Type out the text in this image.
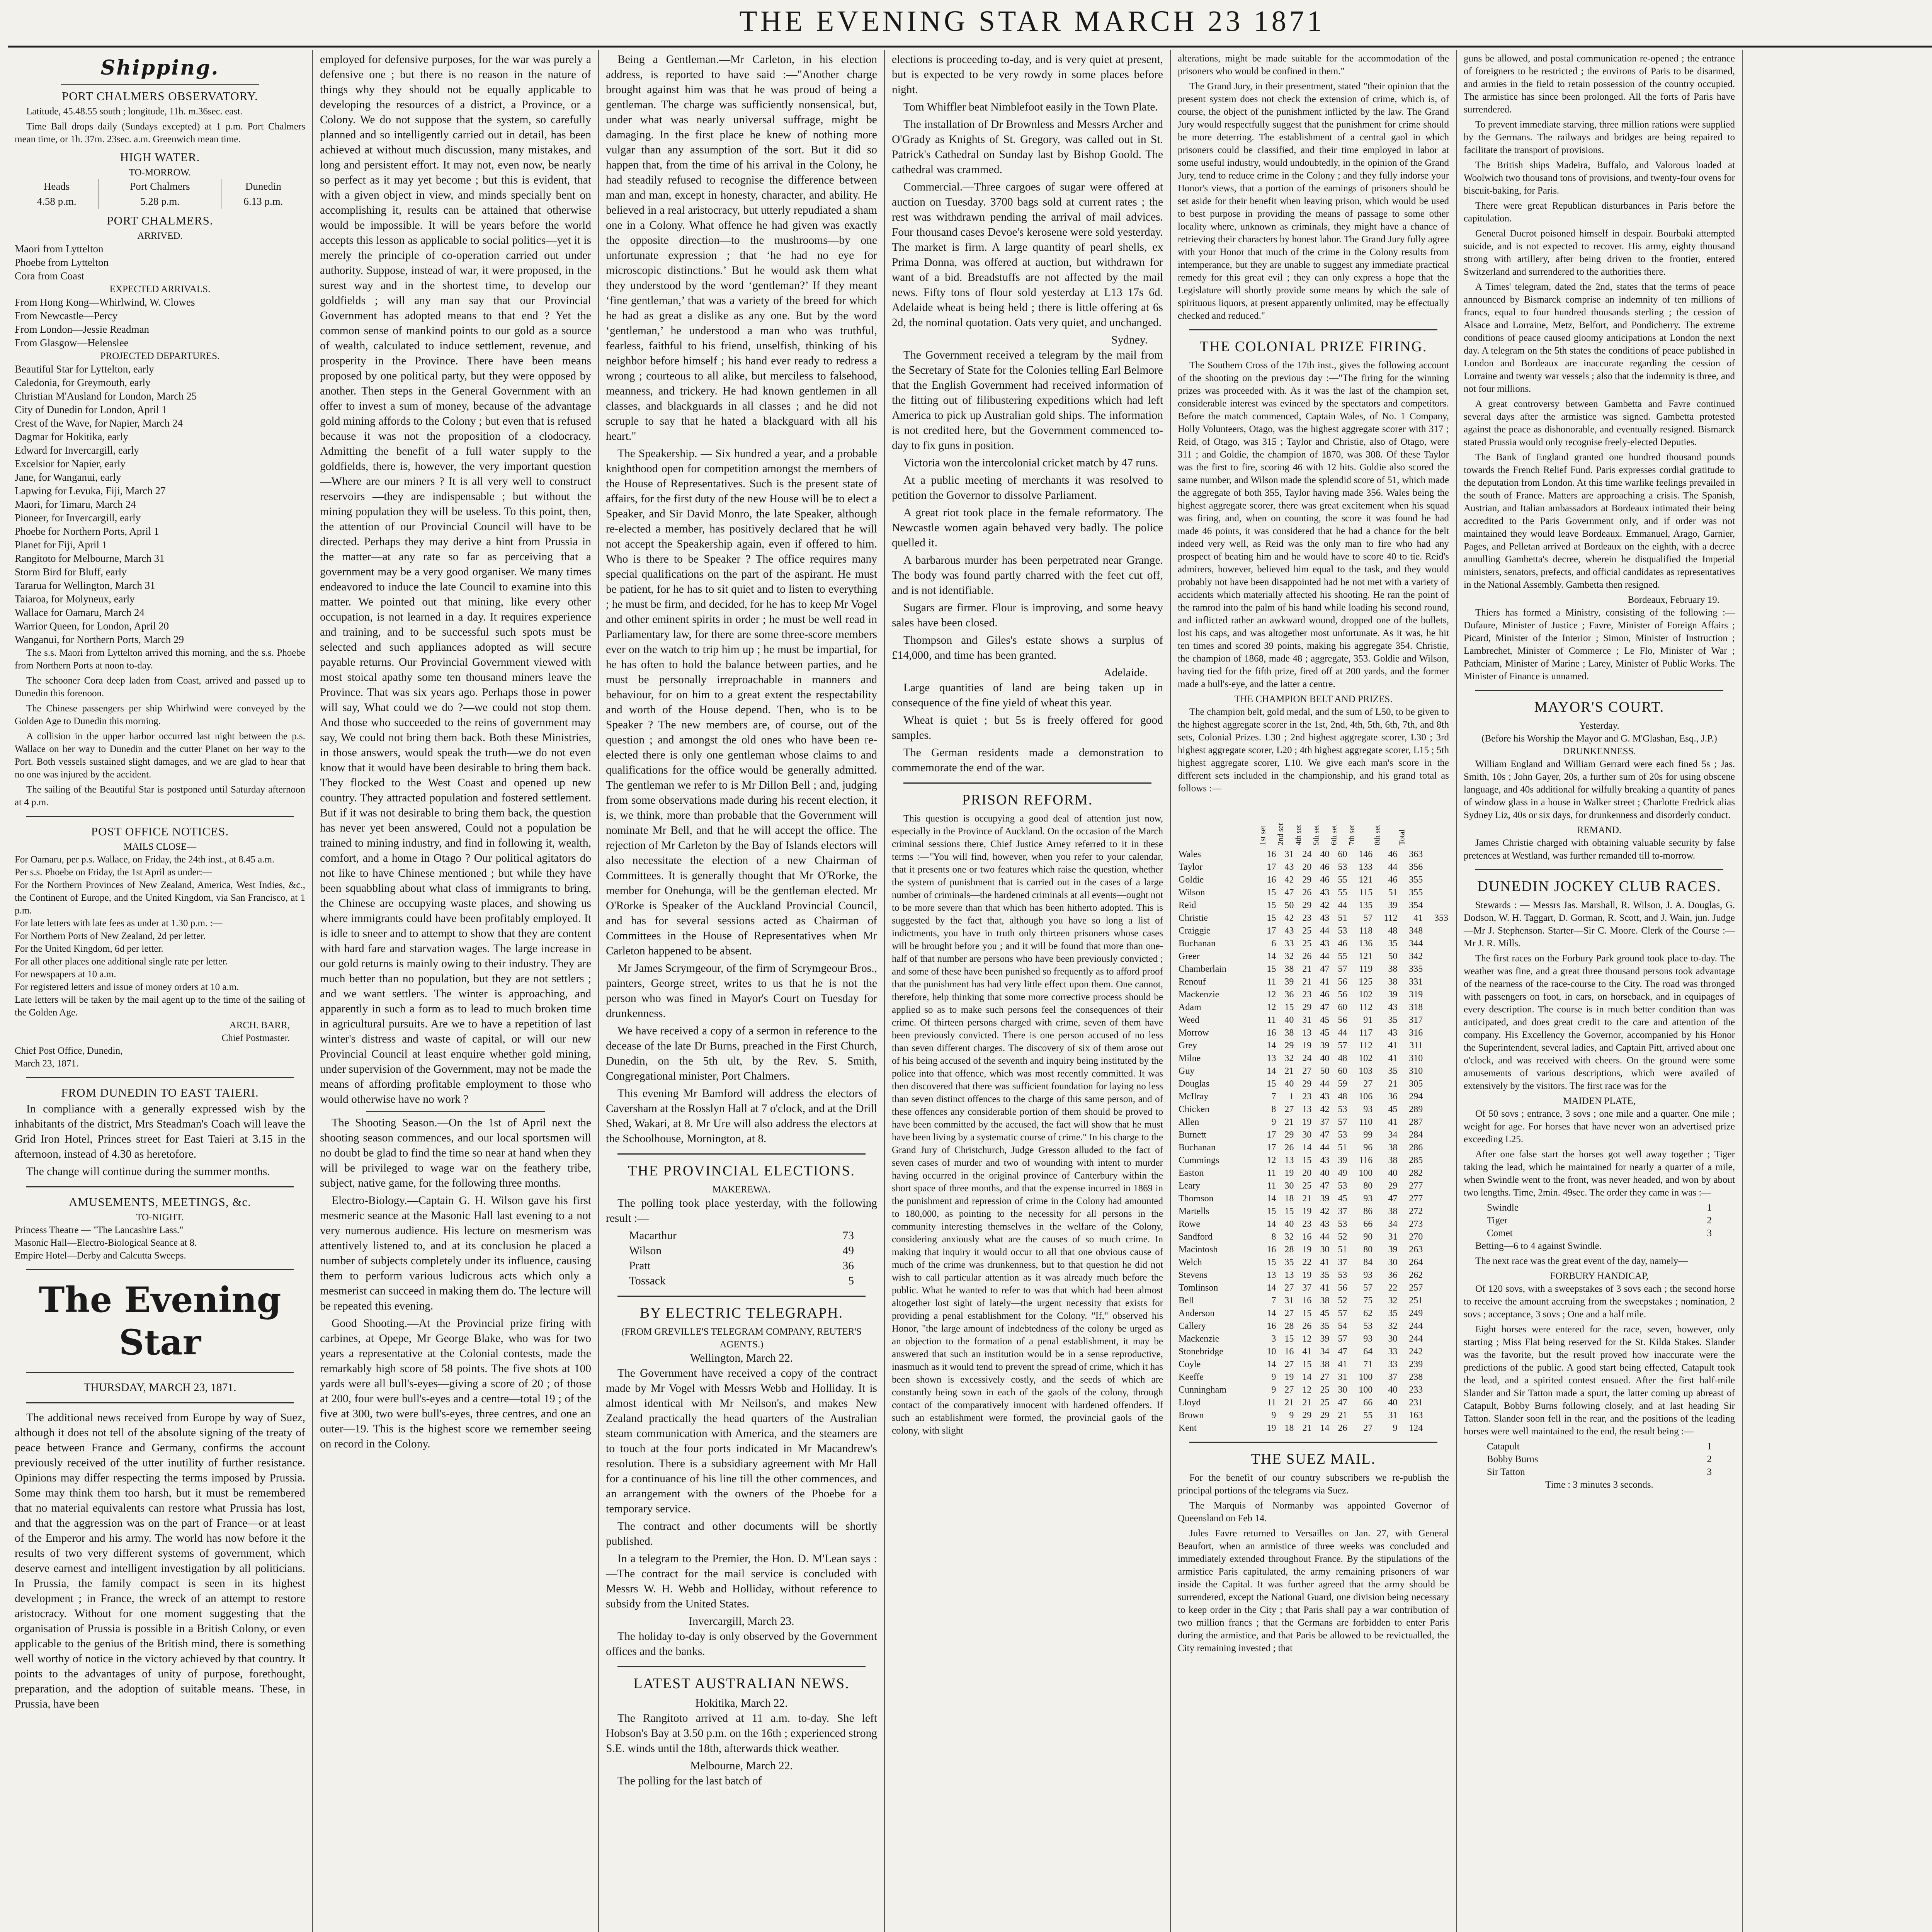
THE EVENING STAR MARCH 23 1871
Shipping.
PORT CHALMERS OBSERVATORY.

Latitude, 45.48.55 south ; longitude, 11h. m.36sec. east.

Time Ball drops daily (Sundays excepted) at 1 p.m. Port Chalmers mean time, or 1h. 37m. 23sec. a.m. Greenwich mean time.

HIGH WATER.
TO-MORROW.
Heads	Port Chalmers	Dunedin
4.58 p.m.	5.28 p.m.	6.13 p.m.
PORT CHALMERS.
ARRIVED.
Maori from Lyttelton
Phoebe from Lyttelton
Cora from Coast
EXPECTED ARRIVALS.
From Hong Kong—Whirlwind, W. Clowes
From Newcastle—Percy
From London—Jessie Readman
From Glasgow—Helenslee
PROJECTED DEPARTURES.
Beautiful Star for Lyttelton, early
Caledonia, for Greymouth, early
Christian M'Ausland for London, March 25
City of Dunedin for London, April 1
Crest of the Wave, for Napier, March 24
Dagmar for Hokitika, early
Edward for Invercargill, early
Excelsior for Napier, early
Jane, for Wanganui, early
Lapwing for Levuka, Fiji, March 27
Maori, for Timaru, March 24
Pioneer, for Invercargill, early
Phoebe for Northern Ports, April 1
Planet for Fiji, April 1
Rangitoto for Melbourne, March 31
Storm Bird for Bluff, early
Tararua for Wellington, March 31
Taiaroa, for Molyneux, early
Wallace for Oamaru, March 24
Warrior Queen, for London, April 20
Wanganui, for Northern Ports, March 29

The s.s. Maori from Lyttelton arrived this morning, and the s.s. Phoebe from Northern Ports at noon to-day.

The schooner Cora deep laden from Coast, arrived and passed up to Dunedin this forenoon.

The Chinese passengers per ship Whirlwind were conveyed by the Golden Age to Dunedin this morning.

A collision in the upper harbor occurred last night between the p.s. Wallace on her way to Dunedin and the cutter Planet on her way to the Port. Both vessels sustained slight damages, and we are glad to hear that no one was injured by the accident.

The sailing of the Beautiful Star is postponed until Saturday afternoon at 4 p.m.

POST OFFICE NOTICES.
MAILS CLOSE—
For Oamaru, per p.s. Wallace, on Friday, the 24th inst., at 8.45 a.m.
Per s.s. Phoebe on Friday, the 1st April as under:—
For the Northern Provinces of New Zealand, America, West Indies, &c., the Continent of Europe, and the United Kingdom, via San Francisco, at 1 p.m.
For late letters with late fees as under at 1.30 p.m. :—
For Northern Ports of New Zealand, 2d per letter.
For the United Kingdom, 6d per letter.
For all other places one additional single rate per letter.
For newspapers at 10 a.m.
For registered letters and issue of money orders at 10 a.m.
Late letters will be taken by the mail agent up to the time of the sailing of the Golden Age.
ARCH. BARR,
Chief Postmaster.
Chief Post Office, Dunedin,
March 23, 1871.
FROM DUNEDIN TO EAST TAIERI.

In compliance with a generally expressed wish by the inhabitants of the district, Mrs Steadman's Coach will leave the Grid Iron Hotel, Princes street for East Taieri at 3.15 in the afternoon, instead of 4.30 as heretofore.

The change will continue during the summer months.

AMUSEMENTS, MEETINGS, &c.
TO-NIGHT.
Princess Theatre — "The Lancashire Lass."
Masonic Hall—Electro-Biological Seance at 8.
Empire Hotel—Derby and Calcutta Sweeps.
The Evening Star
THURSDAY, MARCH 23, 1871.

The additional news received from Europe by way of Suez, although it does not tell of the absolute signing of the treaty of peace between France and Germany, confirms the account previously received of the utter inutility of further resistance. Opinions may differ respecting the terms imposed by Prussia. Some may think them too harsh, but it must be remembered that no material equivalents can restore what Prussia has lost, and that the aggression was on the part of France—or at least of the Emperor and his army. The world has now before it the results of two very different systems of government, which deserve earnest and intelligent investigation by all politicians. In Prussia, the family compact is seen in its highest development ; in France, the wreck of an attempt to restore aristocracy. Without for one moment suggesting that the organisation of Prussia is possible in a British Colony, or even applicable to the genius of the British mind, there is something well worthy of notice in the victory achieved by that country. It points to the advantages of unity of purpose, forethought, preparation, and the adoption of suitable means. These, in Prussia, have been

employed for defensive purposes, for the war was purely a defensive one ; but there is no reason in the nature of things why they should not be equally applicable to developing the resources of a district, a Province, or a Colony. We do not suppose that the system, so carefully planned and so intelligently carried out in detail, has been achieved at without much discussion, many mistakes, and long and persistent effort. It may not, even now, be nearly so perfect as it may yet become ; but this is evident, that with a given object in view, and minds specially bent on accomplishing it, results can be attained that otherwise would be impossible. It will be years before the world accepts this lesson as applicable to social politics—yet it is merely the principle of co-operation carried out under authority. Suppose, instead of war, it were proposed, in the surest way and in the shortest time, to develop our goldfields ; will any man say that our Provincial Government has adopted means to that end ? Yet the common sense of mankind points to our gold as a source of wealth, calculated to induce settlement, revenue, and prosperity in the Province. There have been means proposed by one political party, but they were opposed by another. Then steps in the General Government with an offer to invest a sum of money, because of the advantage gold mining affords to the Colony ; but even that is refused because it was not the proposition of a clodocracy. Admitting the benefit of a full water supply to the goldfields, there is, however, the very important question—Where are our miners ? It is all very well to construct reservoirs —they are indispensable ; but without the mining population they will be useless. To this point, then, the attention of our Provincial Council will have to be directed. Perhaps they may derive a hint from Prussia in the matter—at any rate so far as perceiving that a government may be a very good organiser. We many times endeavored to induce the late Council to examine into this matter. We pointed out that mining, like every other occupation, is not learned in a day. It requires experience and training, and to be successful such spots must be selected and such appliances adopted as will secure payable returns. Our Provincial Government viewed with most stoical apathy some ten thousand miners leave the Province. That was six years ago. Perhaps those in power will say, What could we do ?—we could not stop them. And those who succeeded to the reins of government may say, We could not bring them back. Both these Ministries, in those answers, would speak the truth—we do not even know that it would have been desirable to bring them back. They flocked to the West Coast and opened up new country. They attracted population and fostered settlement. But if it was not desirable to bring them back, the question has never yet been answered, Could not a population be trained to mining industry, and find in following it, wealth, comfort, and a home in Otago ? Our political agitators do not like to have Chinese mentioned ; but while they have been squabbling about what class of immigrants to bring, the Chinese are occupying waste places, and showing us where immigrants could have been profitably employed. It is idle to sneer and to attempt to show that they are content with hard fare and starvation wages. The large increase in our gold returns is mainly owing to their industry. They are much better than no population, but they are not settlers ; and we want settlers. The winter is approaching, and apparently in such a form as to lead to much broken time in agricultural pursuits. Are we to have a repetition of last winter's distress and waste of capital, or will our new Provincial Council at least enquire whether gold mining, under supervision of the Government, may not be made the means of affording profitable employment to those who would otherwise have no work ?

The Shooting Season.—On the 1st of April next the shooting season commences, and our local sportsmen will no doubt be glad to find the time so near at hand when they will be privileged to wage war on the feathery tribe, subject, native game, for the following three months.

Electro-Biology.—Captain G. H. Wilson gave his first mesmeric seance at the Masonic Hall last evening to a not very numerous audience. His lecture on mesmerism was attentively listened to, and at its conclusion he placed a number of subjects completely under its influence, causing them to perform various ludicrous acts which only a mesmerist can succeed in making them do. The lecture will be repeated this evening.

Good Shooting.—At the Provincial prize firing with carbines, at Opepe, Mr George Blake, who was for two years a representative at the Colonial contests, made the remarkably high score of 58 points. The five shots at 100 yards were all bull's-eyes—giving a score of 20 ; of those at 200, four were bull's-eyes and a centre—total 19 ; of the five at 300, two were bull's-eyes, three centres, and one an outer—19. This is the highest score we remember seeing on record in the Colony.

Being a Gentleman.—Mr Carleton, in his election address, is reported to have said :—"Another charge brought against him was that he was proud of being a gentleman. The charge was sufficiently nonsensical, but, under what was nearly universal suffrage, might be damaging. In the first place he knew of nothing more vulgar than any assumption of the sort. But it did so happen that, from the time of his arrival in the Colony, he had steadily refused to recognise the difference between man and man, except in honesty, character, and ability. He believed in a real aristocracy, but utterly repudiated a sham one in a Colony. What offence he had given was exactly the opposite direction—to the mushrooms—by one unfortunate expression ; that ‘he had no eye for microscopic distinctions.’ But he would ask them what they understood by the word ‘gentleman?’ If they meant ‘fine gentleman,’ that was a variety of the breed for which he had as great a dislike as any one. But by the word ‘gentleman,’ he understood a man who was truthful, fearless, faithful to his friend, unselfish, thinking of his neighbor before himself ; his hand ever ready to redress a wrong ; courteous to all alike, but merciless to falsehood, meanness, and trickery. He had known gentlemen in all classes, and blackguards in all classes ; and he did not scruple to say that he hated a blackguard with all his heart."

The Speakership. — Six hundred a year, and a probable knighthood open for competition amongst the members of the House of Representatives. Such is the present state of affairs, for the first duty of the new House will be to elect a Speaker, and Sir David Monro, the late Speaker, although re-elected a member, has positively declared that he will not accept the Speakership again, even if offered to him. Who is there to be Speaker ? The office requires many special qualifications on the part of the aspirant. He must be patient, for he has to sit quiet and to listen to everything ; he must be firm, and decided, for he has to keep Mr Vogel and other eminent spirits in order ; he must be well read in Parliamentary law, for there are some three-score members ever on the watch to trip him up ; he must be impartial, for he has often to hold the balance between parties, and he must be personally irreproachable in manners and behaviour, for on him to a great extent the respectability and worth of the House depend. Then, who is to be Speaker ? The new members are, of course, out of the question ; and amongst the old ones who have been re-elected there is only one gentleman whose claims to and qualifications for the office would be generally admitted. The gentleman we refer to is Mr Dillon Bell ; and, judging from some observations made during his recent election, it is, we think, more than probable that the Government will nominate Mr Bell, and that he will accept the office. The rejection of Mr Carleton by the Bay of Islands electors will also necessitate the election of a new Chairman of Committees. It is generally thought that Mr O'Rorke, the member for Onehunga, will be the gentleman elected. Mr O'Rorke is Speaker of the Auckland Provincial Council, and has for several sessions acted as Chairman of Committees in the House of Representatives when Mr Carleton happened to be absent.

Mr James Scrymgeour, of the firm of Scrymgeour Bros., painters, George street, writes to us that he is not the person who was fined in Mayor's Court on Tuesday for drunkenness.

We have received a copy of a sermon in reference to the decease of the late Dr Burns, preached in the First Church, Dunedin, on the 5th ult, by the Rev. S. Smith, Congregational minister, Port Chalmers.

This evening Mr Bamford will address the electors of Caversham at the Rosslyn Hall at 7 o'clock, and at the Drill Shed, Wakari, at 8. Mr Ure will also address the electors at the Schoolhouse, Mornington, at 8.

THE PROVINCIAL ELECTIONS.
MAKEREWA.

The polling took place yesterday, with the following result :—

Macarthur	73
Wilson	49
Pratt	36
Tossack	5
BY ELECTRIC TELEGRAPH.
(FROM GREVILLE'S TELEGRAM COMPANY, REUTER'S AGENTS.)
Wellington, March 22.

The Government have received a copy of the contract made by Mr Vogel with Messrs Webb and Holliday. It is almost identical with Mr Neilson's, and makes New Zealand practically the head quarters of the Australian steam communication with America, and the steamers are to touch at the four ports indicated in Mr Macandrew's resolution. There is a subsidiary agreement with Mr Hall for a continuance of his line till the other commences, and an arrangement with the owners of the Phoebe for a temporary service.

The contract and other documents will be shortly published.

In a telegram to the Premier, the Hon. D. M'Lean says :—The contract for the mail service is concluded with Messrs W. H. Webb and Holliday, without reference to subsidy from the United States.

Invercargill, March 23.

The holiday to-day is only observed by the Government offices and the banks.

LATEST AUSTRALIAN NEWS.
Hokitika, March 22.

The Rangitoto arrived at 11 a.m. to-day. She left Hobson's Bay at 3.50 p.m. on the 16th ; experienced strong S.E. winds until the 18th, afterwards thick weather.

Melbourne, March 22.

The polling for the last batch of

elections is proceeding to-day, and is very quiet at present, but is expected to be very rowdy in some places before night.

Tom Whiffler beat Nimblefoot easily in the Town Plate.

The installation of Dr Brownless and Messrs Archer and O'Grady as Knights of St. Gregory, was called out in St. Patrick's Cathedral on Sunday last by Bishop Goold. The cathedral was crammed.

Commercial.—Three cargoes of sugar were offered at auction on Tuesday. 3700 bags sold at current rates ; the rest was withdrawn pending the arrival of mail advices. Four thousand cases Devoe's kerosene were sold yesterday. The market is firm. A large quantity of pearl shells, ex Prima Donna, was offered at auction, but withdrawn for want of a bid. Breadstuffs are not affected by the mail news. Fifty tons of flour sold yesterday at L13 17s 6d. Adelaide wheat is being held ; there is little offering at 6s 2d, the nominal quotation. Oats very quiet, and unchanged.

Sydney.

The Government received a telegram by the mail from the Secretary of State for the Colonies telling Earl Belmore that the English Government had received information of the fitting out of filibustering expeditions which had left America to pick up Australian gold ships. The information is not credited here, but the Government commenced to-day to fix guns in position.

Victoria won the intercolonial cricket match by 47 runs.

At a public meeting of merchants it was resolved to petition the Governor to dissolve Parliament.

A great riot took place in the female reformatory. The Newcastle women again behaved very badly. The police quelled it.

A barbarous murder has been perpetrated near Grange. The body was found partly charred with the feet cut off, and is not identifiable.

Sugars are firmer. Flour is improving, and some heavy sales have been closed.

Thompson and Giles's estate shows a surplus of £14,000, and time has been granted.

Adelaide.

Large quantities of land are being taken up in consequence of the fine yield of wheat this year.

Wheat is quiet ; but 5s is freely offered for good samples.

The German residents made a demonstration to commemorate the end of the war.

PRISON REFORM.

This question is occupying a good deal of attention just now, especially in the Province of Auckland. On the occasion of the March criminal sessions there, Chief Justice Arney referred to it in these terms :—"You will find, however, when you refer to your calendar, that it presents one or two features which raise the question, whether the system of punishment that is carried out in the cases of a large number of criminals—the hardened criminals at all events—ought not to be more severe than that which has been hitherto adopted. This is suggested by the fact that, although you have so long a list of indictments, you have in truth only thirteen prisoners whose cases will be brought before you ; and it will be found that more than one-half of that number are persons who have been previously convicted ; and some of these have been punished so frequently as to afford proof that the punishment has had very little effect upon them. One cannot, therefore, help thinking that some more corrective process should be applied so as to make such persons feel the consequences of their crime. Of thirteen persons charged with crime, seven of them have been previously convicted. There is one person accused of no less than seven different charges. The discovery of six of them arose out of his being accused of the seventh and inquiry being instituted by the police into that offence, which was most recently committed. It was then discovered that there was sufficient foundation for laying no less than seven distinct offences to the charge of this same person, and of these offences any considerable portion of them should be proved to have been committed by the accused, the fact will show that he must have been living by a systematic course of crime." In his charge to the Grand Jury of Christchurch, Judge Gresson alluded to the fact of seven cases of murder and two of wounding with intent to murder having occurred in the original province of Canterbury within the short space of three months, and that the expense incurred in 1869 in the punishment and repression of crime in the Colony had amounted to 180,000, as pointing to the necessity for all persons in the community interesting themselves in the welfare of the Colony, considering anxiously what are the causes of so much crime. In making that inquiry it would occur to all that one obvious cause of much of the crime was drunkenness, but to that question he did not wish to call particular attention as it was already much before the public. What he wanted to refer to was that which had been almost altogether lost sight of lately—the urgent necessity that exists for providing a penal establishment for the Colony. "If," observed his Honor, "the large amount of indebtedness of the colony be urged as an objection to the formation of a penal establishment, it may be answered that such an institution would be in a sense reproductive, inasmuch as it would tend to prevent the spread of crime, which it has been shown is excessively costly, and the seeds of which are constantly being sown in each of the gaols of the colony, through contact of the comparatively innocent with hardened offenders. If such an establishment were formed, the provincial gaols of the colony, with slight

alterations, might be made suitable for the accommodation of the prisoners who would be confined in them."

The Grand Jury, in their presentment, stated "their opinion that the present system does not check the extension of crime, which is, of course, the object of the punishment inflicted by the law. The Grand Jury would respectfully suggest that the punishment for crime should be more deterring. The establishment of a central gaol in which prisoners could be classified, and their time employed in labor at some useful industry, would undoubtedly, in the opinion of the Grand Jury, tend to reduce crime in the Colony ; and they fully indorse your Honor's views, that a portion of the earnings of prisoners should be set aside for their benefit when leaving prison, which would be used to best purpose in providing the means of passage to some other locality where, unknown as criminals, they might have a chance of retrieving their characters by honest labor. The Grand Jury fully agree with your Honor that much of the crime in the Colony results from intemperance, but they are unable to suggest any immediate practical remedy for this great evil ; they can only express a hope that the Legislature will shortly provide some means by which the sale of spirituous liquors, at present apparently unlimited, may be effectually checked and reduced."

THE COLONIAL PRIZE FIRING.

The Southern Cross of the 17th inst., gives the following account of the shooting on the previous day :—"The firing for the winning prizes was proceeded with. As it was the last of the champion set, considerable interest was evinced by the spectators and competitors. Before the match commenced, Captain Wales, of No. 1 Company, Holly Volunteers, Otago, was the highest aggregate scorer with 317 ; Reid, of Otago, was 315 ; Taylor and Christie, also of Otago, were 311 ; and Goldie, the champion of 1870, was 308. Of these Taylor was the first to fire, scoring 46 with 12 hits. Goldie also scored the same number, and Wilson made the splendid score of 51, which made the aggregate of both 355, Taylor having made 356. Wales being the highest aggregate scorer, there was great excitement when his squad was firing, and, when on counting, the score it was found he had made 46 points, it was considered that he had a chance for the belt indeed very well, as Reid was the only man to fire who had any prospect of beating him and he would have to score 40 to tie. Reid's admirers, however, believed him equal to the task, and they would probably not have been disappointed had he not met with a variety of accidents which materially affected his shooting. He ran the point of the ramrod into the palm of his hand while loading his second round, and inflicted rather an awkward wound, dropped one of the bullets, lost his caps, and was altogether most unfortunate. As it was, he hit ten times and scored 39 points, making his aggregate 354. Christie, the champion of 1868, made 48 ; aggregate, 353. Goldie and Wilson, having tied for the fifth prize, fired off at 200 yards, and the former made a bull's-eye, and the latter a centre.

THE CHAMPION BELT AND PRIZES.

The champion belt, gold medal, and the sum of L50, to be given to the highest aggregate scorer in the 1st, 2nd, 4th, 5th, 6th, 7th, and 8th sets, Colonial Prizes. L30 ; 2nd highest aggregate scorer, L30 ; 3rd highest aggregate scorer, L20 ; 4th highest aggregate scorer, L15 ; 5th highest aggregate scorer, L10. We give each man's score in the different sets included in the championship, and his grand total as follows :—

	1st set	2nd set	4th set	5th set	6th set	7th set	8th set	Total	
Wales	16	31	24	40	60	146	46	363	
Taylor	17	43	20	46	53	133	44	356	
Goldie	16	42	29	46	55	121	46	355	
Wilson	15	47	26	43	55	115	51	355	
Reid	15	50	29	42	44	135	39	354	
Christie	15	42	23	43	51	57	112	41	353
Craiggie	17	43	25	44	53	118	48	348	
Buchanan	6	33	25	43	46	136	35	344	
Greer	14	32	26	44	55	121	50	342	
Chamberlain	15	38	21	47	57	119	38	335	
Renouf	11	39	21	41	56	125	38	331	
Mackenzie	12	36	23	46	56	102	39	319	
Adam	12	15	29	47	60	112	43	318	
Weed	11	40	31	45	56	91	35	317	
Morrow	16	38	13	45	44	117	43	316	
Grey	14	29	19	39	57	112	41	311	
Milne	13	32	24	40	48	102	41	310	
Guy	14	21	27	50	60	103	35	310	
Douglas	15	40	29	44	59	27	21	305	
McIlray	7	1	23	43	48	106	36	294	
Chicken	8	27	13	42	53	93	45	289	
Allen	9	21	19	37	57	110	41	287	
Burnett	17	29	30	47	53	99	34	284	
Buchanan	17	26	14	44	51	96	38	286	
Cummings	12	13	15	43	39	116	38	285	
Easton	11	19	20	40	49	100	40	282	
Leary	11	30	25	47	53	80	29	277	
Thomson	14	18	21	39	45	93	47	277	
Martells	15	15	19	42	37	86	38	272	
Rowe	14	40	23	43	53	66	34	273	
Sandford	8	32	16	44	52	90	31	270	
Macintosh	16	28	19	30	51	80	39	263	
Welch	15	35	22	41	37	84	30	264	
Stevens	13	13	19	35	53	93	36	262	
Tomlinson	14	27	37	41	56	57	22	257	
Bell	7	31	16	38	52	75	32	251	
Anderson	14	27	15	45	57	62	35	249	
Callery	16	28	26	35	54	53	32	244	
Mackenzie	3	15	12	39	57	93	30	244	
Stonebridge	10	16	41	34	47	64	33	242	
Coyle	14	27	15	38	41	71	33	239	
Keeffe	9	19	14	27	31	100	37	238	
Cunningham	9	27	12	25	30	100	40	233	
Lloyd	11	21	21	25	47	66	40	231	
Brown	9	9	29	29	21	55	31	163	
Kent	19	18	21	14	26	27	9	124	
THE SUEZ MAIL.

For the benefit of our country subscribers we re-publish the principal portions of the telegrams via Suez.

The Marquis of Normanby was appointed Governor of Queensland on Feb 14.

Jules Favre returned to Versailles on Jan. 27, with General Beaufort, when an armistice of three weeks was concluded and immediately extended throughout France. By the stipulations of the armistice Paris capitulated, the army remaining prisoners of war inside the Capital. It was further agreed that the army should be surrendered, except the National Guard, one division being necessary to keep order in the City ; that Paris shall pay a war contribution of two million francs ; that the Germans are forbidden to enter Paris during the armistice, and that Paris be allowed to be revictualled, the City remaining invested ; that

guns be allowed, and postal communication re-opened ; the entrance of foreigners to be restricted ; the environs of Paris to be disarmed, and armies in the field to retain possession of the country occupied. The armistice has since been prolonged. All the forts of Paris have surrendered.

To prevent immediate starving, three million rations were supplied by the Germans. The railways and bridges are being repaired to facilitate the transport of provisions.

The British ships Madeira, Buffalo, and Valorous loaded at Woolwich two thousand tons of provisions, and twenty-four ovens for biscuit-baking, for Paris.

There were great Republican disturbances in Paris before the capitulation.

General Ducrot poisoned himself in despair. Bourbaki attempted suicide, and is not expected to recover. His army, eighty thousand strong with artillery, after being driven to the frontier, entered Switzerland and surrendered to the authorities there.

A Times' telegram, dated the 2nd, states that the terms of peace announced by Bismarck comprise an indemnity of ten millions of francs, equal to four hundred thousands sterling ; the cession of Alsace and Lorraine, Metz, Belfort, and Pondicherry. The extreme conditions of peace caused gloomy anticipations at London the next day. A telegram on the 5th states the conditions of peace published in London and Bordeaux are inaccurate regarding the cession of Lorraine and twenty war vessels ; also that the indemnity is three, and not four millions.

A great controversy between Gambetta and Favre continued several days after the armistice was signed. Gambetta protested against the peace as dishonorable, and eventually resigned. Bismarck stated Prussia would only recognise freely-elected Deputies.

The Bank of England granted one hundred thousand pounds towards the French Relief Fund. Paris expresses cordial gratitude to the deputation from London. At this time warlike feelings prevailed in the south of France. Matters are approaching a crisis. The Spanish, Austrian, and Italian ambassadors at Bordeaux intimated their being accredited to the Paris Government only, and if order was not maintained they would leave Bordeaux. Emmanuel, Arago, Garnier, Pages, and Pelletan arrived at Bordeaux on the eighth, with a decree annulling Gambetta's decree, wherein he disqualified the Imperial ministers, senators, prefects, and official candidates as representatives in the National Assembly. Gambetta then resigned.

Bordeaux, February 19.

Thiers has formed a Ministry, consisting of the following :—Dufaure, Minister of Justice ; Favre, Minister of Foreign Affairs ; Picard, Minister of the Interior ; Simon, Minister of Instruction ; Lambrechet, Minister of Commerce ; Le Flo, Minister of War ; Pathciam, Minister of Marine ; Larey, Minister of Public Works. The Minister of Finance is unnamed.

MAYOR'S COURT.
Yesterday.
(Before his Worship the Mayor and G. M'Glashan, Esq., J.P.)
DRUNKENNESS.

William England and William Gerrard were each fined 5s ; Jas. Smith, 10s ; John Gayer, 20s, a further sum of 20s for using obscene language, and 40s additional for wilfully breaking a quantity of panes of window glass in a house in Walker street ; Charlotte Fredrick alias Sydney Liz, 40s or six days, for drunkenness and disorderly conduct.

REMAND.

James Christie charged with obtaining valuable security by false pretences at Westland, was further remanded till to-morrow.

DUNEDIN JOCKEY CLUB RACES.

Stewards : — Messrs Jas. Marshall, R. Wilson, J. A. Douglas, G. Dodson, W. H. Taggart, D. Gorman, R. Scott, and J. Wain, jun. Judge—Mr J. Stephenson. Starter—Sir C. Moore. Clerk of the Course :—Mr J. R. Mills.

The first races on the Forbury Park ground took place to-day. The weather was fine, and a great three thousand persons took advantage of the nearness of the race-course to the City. The road was thronged with passengers on foot, in cars, on horseback, and in equipages of every description. The course is in much better condition than was anticipated, and does great credit to the care and attention of the company. His Excellency the Governor, accompanied by his Honor the Superintendent, several ladies, and Captain Pitt, arrived about one o'clock, and was received with cheers. On the ground were some amusements of various descriptions, which were availed of extensively by the visitors. The first race was for the

MAIDEN PLATE,

Of 50 sovs ; entrance, 3 sovs ; one mile and a quarter. One mile ; weight for age. For horses that have never won an advertised prize exceeding L25.

After one false start the horses got well away together ; Tiger taking the lead, which he maintained for nearly a quarter of a mile, when Swindle went to the front, was never headed, and won by about two lengths. Time, 2min. 49sec. The order they came in was :—

Swindle	1
Tiger	2
Comet	3

Betting—6 to 4 against Swindle.

The next race was the great event of the day, namely—

FORBURY HANDICAP,

Of 120 sovs, with a sweepstakes of 3 sovs each ; the second horse to receive the amount accruing from the sweepstakes ; nomination, 2 sovs ; acceptance, 3 sovs ; One and a half mile.

Eight horses were entered for the race, seven, however, only starting ; Miss Flat being reserved for the St. Kilda Stakes. Slander was the favorite, but the result proved how inaccurate were the predictions of the public. A good start being effected, Catapult took the lead, and a spirited contest ensued. After the first half-mile Slander and Sir Tatton made a spurt, the latter coming up abreast of Catapult, Bobby Burns following closely, and at last heading Sir Tatton. Slander soon fell in the rear, and the positions of the leading horses were well maintained to the end, the result being :—

Catapult	1
Bobby Burns	2
Sir Tatton	3
Time : 3 minutes 3 seconds.
